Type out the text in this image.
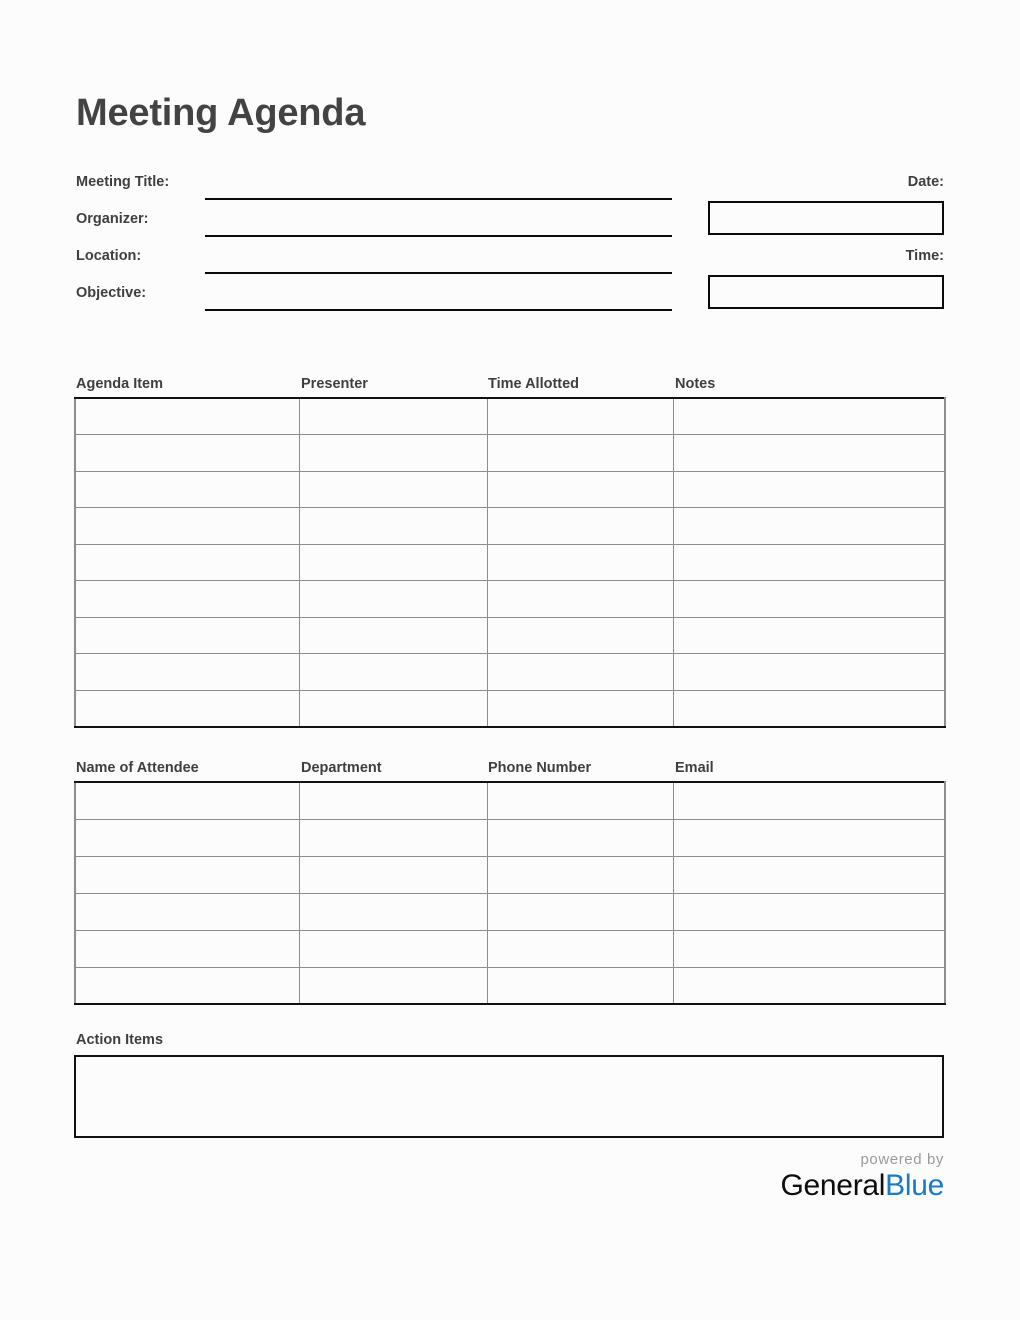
Meeting Agenda
Meeting Title:
Organizer:
Location:
Objective:
Date:
Time:
Agenda Item	Presenter	Time Allotted	Notes

Name of Attendee	Department	Phone Number	Email

Action Items
powered by
GeneralBlue
